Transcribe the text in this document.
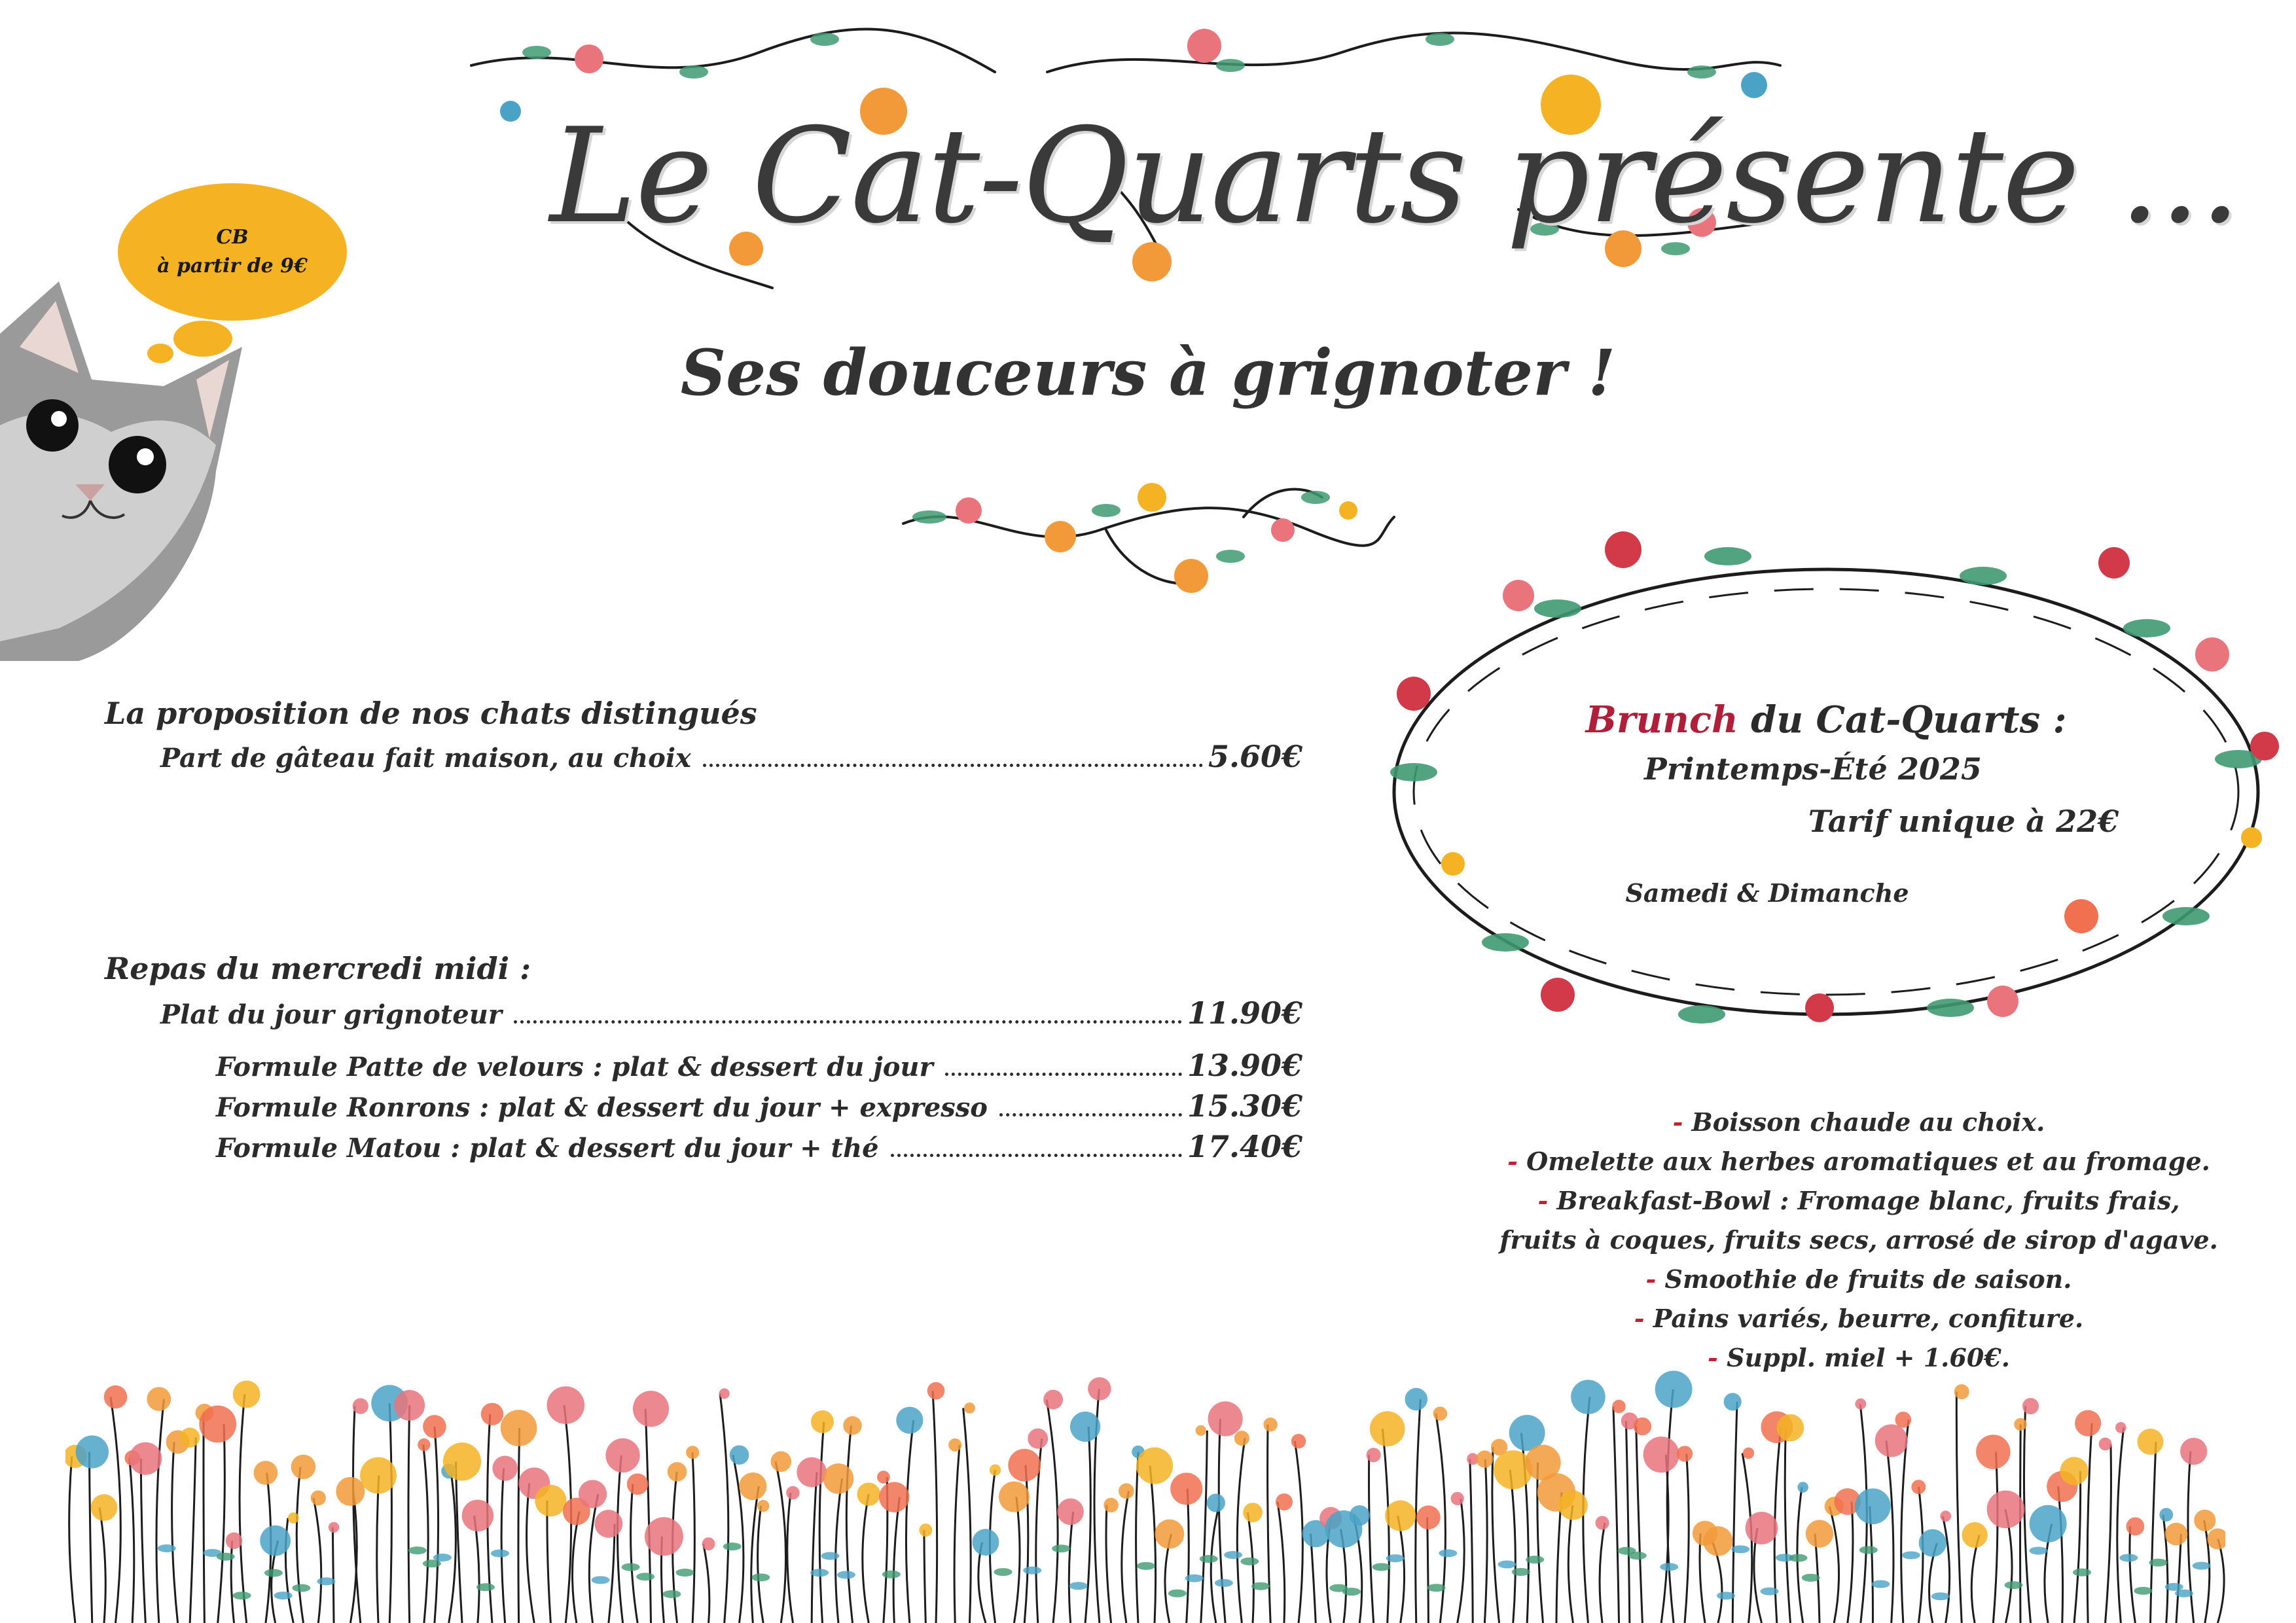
Le Cat-Quarts présente ...
Ses douceurs à grignoter !
CB
à partir de 9€
La proposition de nos chats distingués
Part de gâteau fait maison, au choix	5.60€
Repas du mercredi midi :
Plat du jour grignoteur	11.90€
Formule Patte de velours : plat & dessert du jour	13.90€
Formule Ronrons : plat & dessert du jour + expresso	15.30€
Formule Matou : plat & dessert du jour + thé	17.40€
Brunch du Cat-Quarts :
Printemps-Été 2025
Tarif unique à 22€
Samedi & Dimanche
- Boisson chaude au choix.
- Omelette aux herbes aromatiques et au fromage.
- Breakfast-Bowl : Fromage blanc, fruits frais,
fruits à coques, fruits secs, arrosé de sirop d'agave.
- Smoothie de fruits de saison.
- Pains variés, beurre, confiture.
- Suppl. miel + 1.60€.
